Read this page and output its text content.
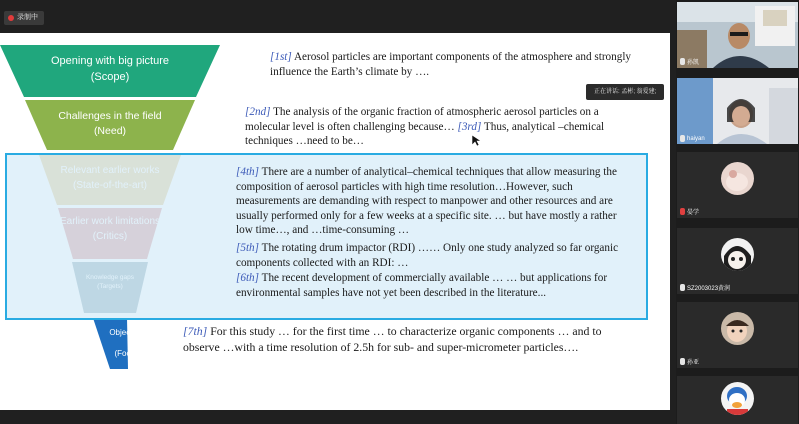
录制中
Opening with big picture
(Scope)
Challenges in the field
(Need)
Objectives
(Focus)
[1st] Aerosol particles are important components of the atmosphere and strongly influence the Earth’s climate by ….
[2nd] The analysis of the organic fraction of atmospheric aerosol particles on a molecular level is often challenging because… [3rd] Thus, analytical –chemical techniques …need to be…
[4th] There are a number of analytical–chemical techniques that allow measuring the composition of aerosol particles with high time resolution…However, such measurements are demanding with respect to manpower and other resources and are usually performed only for a few weeks at a specific site. … but have mostly a rather low time…, and …time-consuming …
[5th] The rotating drum impactor (RDI) …… Only one study analyzed so far organic components collected with an RDI: …
[6th] The recent development of commercially available … … but applications for environmental samples have not yet been described in the literature...
[7th] For this study … for the first time … to characterize organic components … and to observe …with a time resolution of 2.5h for sub- and super-micrometer particles….
正在讲话: 孟彬; 翁爱建;
孙凯
haiyan
晏学
SZ2003023黄润
孙亚
